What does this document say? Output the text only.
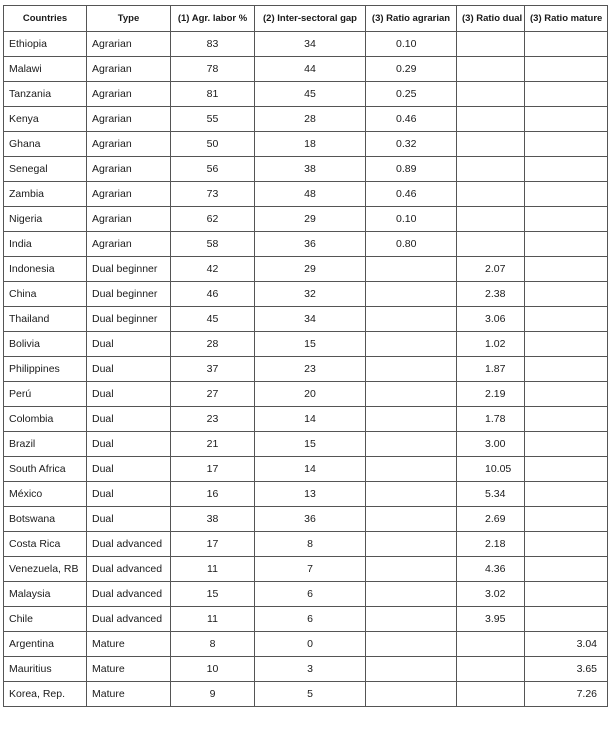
Countries	Type	(1) Agr. labor %	(2) Inter-sectoral gap	(3) Ratio agrarian	(3) Ratio dual	(3) Ratio mature
Ethiopia	Agrarian	83	34	0.10		
Malawi	Agrarian	78	44	0.29		
Tanzania	Agrarian	81	45	0.25		
Kenya	Agrarian	55	28	0.46		
Ghana	Agrarian	50	18	0.32		
Senegal	Agrarian	56	38	0.89		
Zambia	Agrarian	73	48	0.46		
Nigeria	Agrarian	62	29	0.10		
India	Agrarian	58	36	0.80		
Indonesia	Dual beginner	42	29		2.07	
China	Dual beginner	46	32		2.38	
Thailand	Dual beginner	45	34		3.06	
Bolivia	Dual	28	15		1.02	
Philippines	Dual	37	23		1.87	
Perú	Dual	27	20		2.19	
Colombia	Dual	23	14		1.78	
Brazil	Dual	21	15		3.00	
South Africa	Dual	17	14		10.05	
México	Dual	16	13		5.34	
Botswana	Dual	38	36		2.69	
Costa Rica	Dual advanced	17	8		2.18	
Venezuela, RB	Dual advanced	11	7		4.36	
Malaysia	Dual advanced	15	6		3.02	
Chile	Dual advanced	11	6		3.95	
Argentina	Mature	8	0			3.04
Mauritius	Mature	10	3			3.65
Korea, Rep.	Mature	9	5			7.26
